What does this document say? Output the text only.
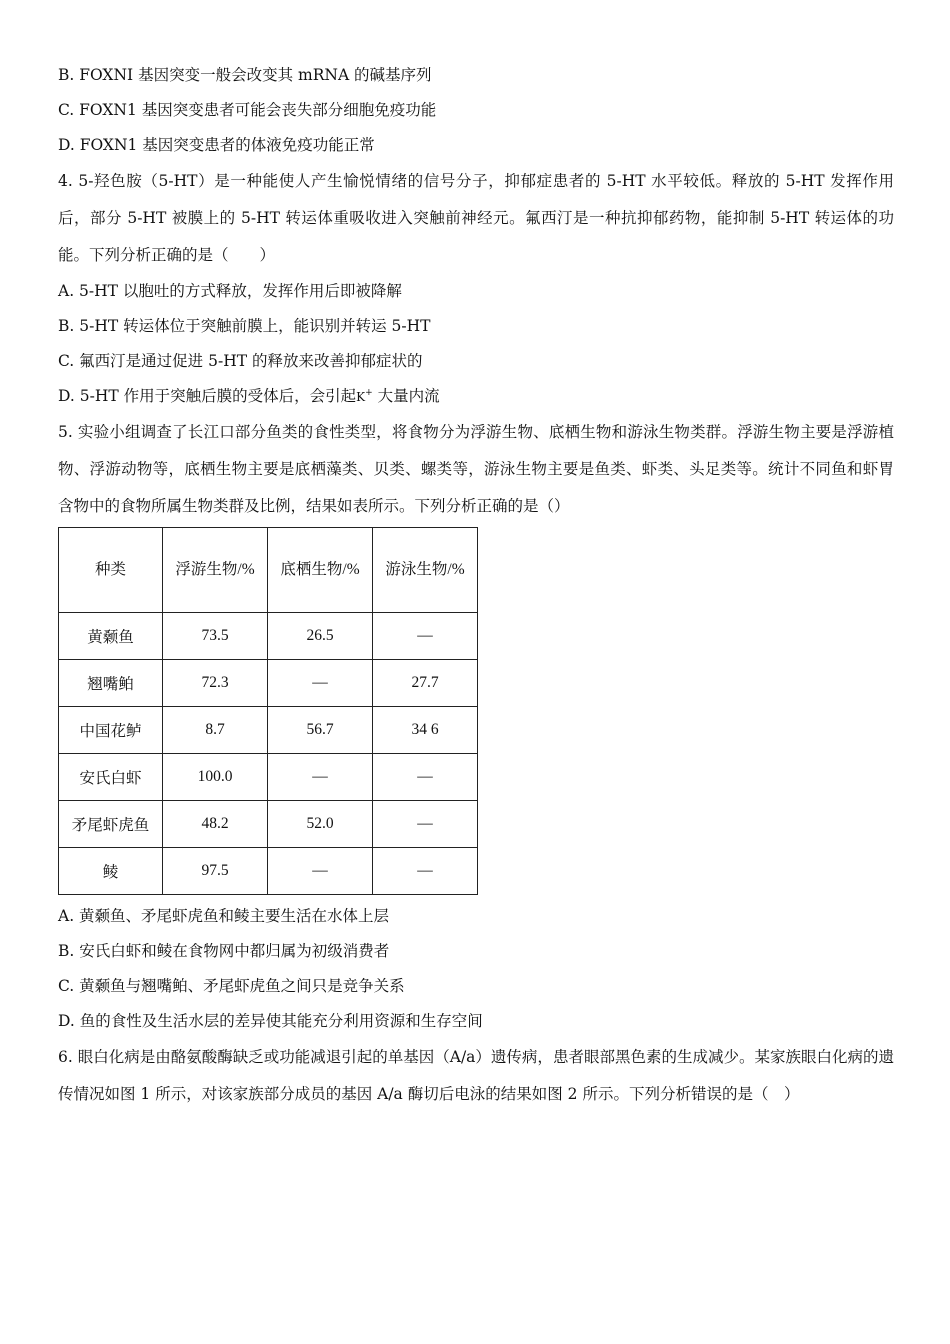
B. FOXNI 基因突变一般会改变其 mRNA 的碱基序列
C. FOXN1 基因突变患者可能会丧失部分细胞免疫功能
D. FOXN1 基因突变患者的体液免疫功能正常
4. 5-羟色胺（5-HT）是一种能使人产生愉悦情绪的信号分子，抑郁症患者的 5-HT 水平较低。释放的 5-HT 发挥作用后，部分 5-HT 被膜上的 5-HT 转运体重吸收进入突触前神经元。氟西汀是一种抗抑郁药物，能抑制 5-HT 转运体的功能。下列分析正确的是（　　）
A. 5-HT 以胞吐的方式释放，发挥作用后即被降解
B. 5-HT 转运体位于突触前膜上，能识别并转运 5-HT
C. 氟西汀是通过促进 5-HT 的释放来改善抑郁症状的
D. 5-HT 作用于突触后膜的受体后，会引起K+ 大量内流
5. 实验小组调查了长江口部分鱼类的食性类型，将食物分为浮游生物、底栖生物和游泳生物类群。浮游生物主要是浮游植物、浮游动物等，底栖生物主要是底栖藻类、贝类、螺类等，游泳生物主要是鱼类、虾类、头足类等。统计不同鱼和虾胃含物中的食物所属生物类群及比例，结果如表所示。下列分析正确的是（）
种类	浮游生物/%	底栖生物/%	游泳生物/%
黄颡鱼	73.5	26.5	—
翘嘴鲌	72.3	—	27.7
中国花鲈	8.7	56.7	34 6
安氏白虾	100.0	—	—
矛尾虾虎鱼	48.2	52.0	—
鲮	97.5	—	—
A. 黄颡鱼、矛尾虾虎鱼和鲮主要生活在水体上层
B. 安氏白虾和鲮在食物网中都归属为初级消费者
C. 黄颡鱼与翘嘴鲌、矛尾虾虎鱼之间只是竞争关系
D. 鱼的食性及生活水层的差异使其能充分利用资源和生存空间
6. 眼白化病是由酪氨酸酶缺乏或功能减退引起的单基因（A/a）遗传病，患者眼部黑色素的生成减少。某家族眼白化病的遗传情况如图 1 所示，对该家族部分成员的基因 A/a 酶切后电泳的结果如图 2 所示。下列分析错误的是（　）
